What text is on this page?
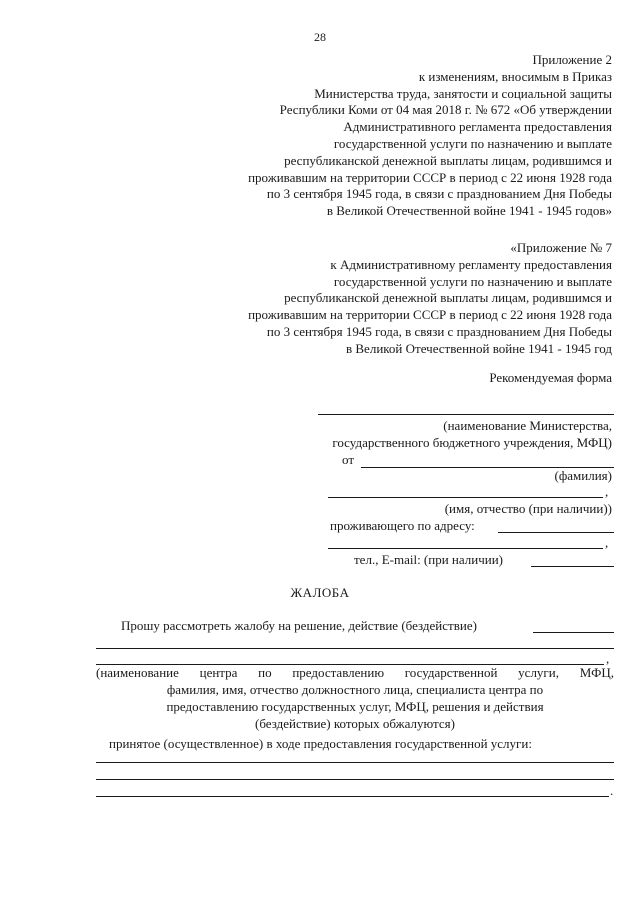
28
Приложение 2
к изменениям, вносимым в Приказ
Министерства труда, занятости и социальной защиты
Республики Коми от 04 мая 2018 г. № 672 «Об утверждении
Административного регламента предоставления
государственной услуги по назначению и выплате
республиканской денежной выплаты лицам, родившимся и
проживавшим на территории СССР в период с 22 июня 1928 года
по 3 сентября 1945 года, в связи с празднованием Дня Победы
в Великой Отечественной войне 1941 - 1945 годов»
«Приложение № 7
к Административному регламенту предоставления
государственной услуги по назначению и выплате
республиканской денежной выплаты лицам, родившимся и
проживавшим на территории СССР в период с 22 июня 1928 года
по 3 сентября 1945 года, в связи с празднованием Дня Победы
в Великой Отечественной войне 1941 - 1945 год
Рекомендуемая форма
(наименование Министерства,
государственного бюджетного учреждения, МФЦ)
от
(фамилия)
,
(имя, отчество (при наличии))
проживающего по адресу:
,
тел., E-mail: (при наличии)
ЖАЛОБА
Прошу рассмотреть жалобу на решение, действие (бездействие)
,
(наименование центра по предоставлению государственной услуги, МФЦ,
фамилия, имя, отчество должностного лица, специалиста центра по
предоставлению государственных услуг, МФЦ, решения и действия
(бездействие) которых обжалуются)
принятое (осуществленное) в ходе предоставления государственной услуги:
.
